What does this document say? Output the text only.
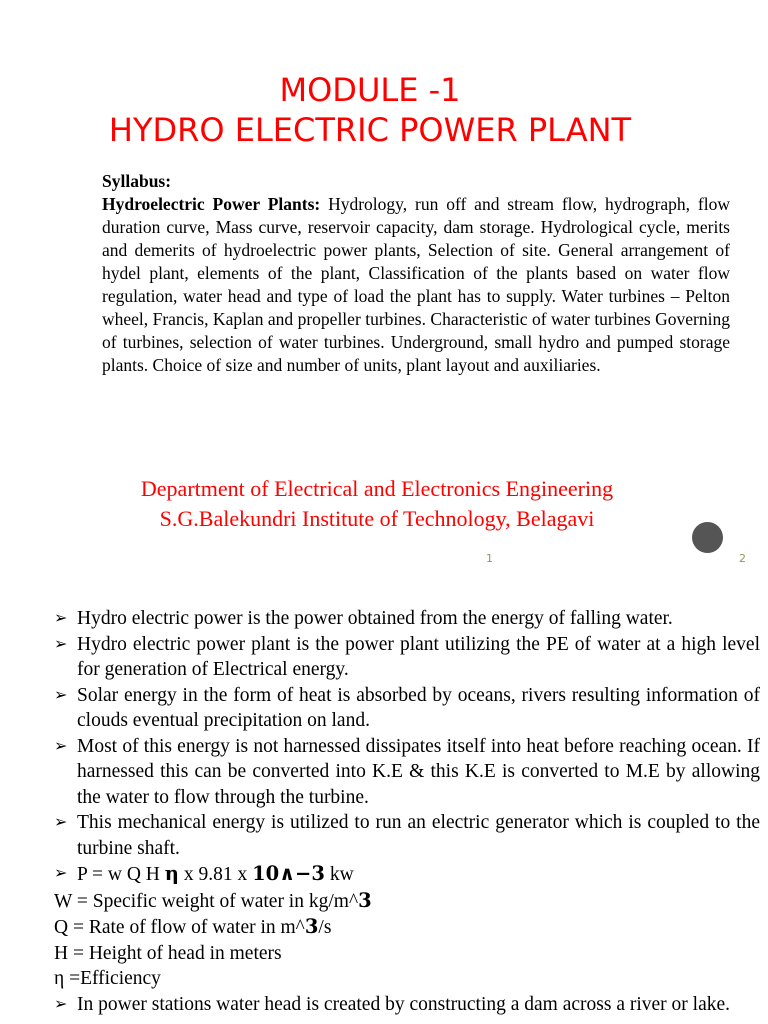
MODULE -1
HYDRO ELECTRIC POWER PLANT
Syllabus:
Hydroelectric Power Plants: Hydrology, run off and stream flow, hydrograph, flow duration curve, Mass curve, reservoir capacity, dam storage. Hydrological cycle, merits and demerits of hydroelectric power plants, Selection of site. General arrangement of hydel plant, elements of the plant, Classification of the plants based on water flow regulation, water head and type of load the plant has to supply. Water turbines – Pelton wheel, Francis, Kaplan and propeller turbines. Characteristic of water turbines Governing of turbines, selection of water turbines. Underground, small hydro and pumped storage plants. Choice of size and number of units, plant layout and auxiliaries.
Department of Electrical and Electronics Engineering
S.G.Balekundri Institute of Technology, Belagavi
1	2
➢ Hydro electric power is the power obtained from the energy of falling water.
➢ Hydro electric power plant is the power plant utilizing the PE of water at a high level for generation of Electrical energy.
➢ Solar energy in the form of heat is absorbed by oceans, rivers resulting information of clouds eventual precipitation on land.
➢ Most of this energy is not harnessed dissipates itself into heat before reaching ocean. If harnessed this can be converted into K.E & this K.E is converted to M.E by allowing the water to flow through the turbine.
➢ This mechanical energy is utilized to run an electric generator which is coupled to the turbine shaft.
➢ P = w Q H η x 9.81 x 10∧−3 kw
W = Specific weight of water in kg/m^3
Q = Rate of flow of water in m^3/s
H = Height of head in meters
η =Efficiency
➢ In power stations water head is created by constructing a dam across a river or lake.
